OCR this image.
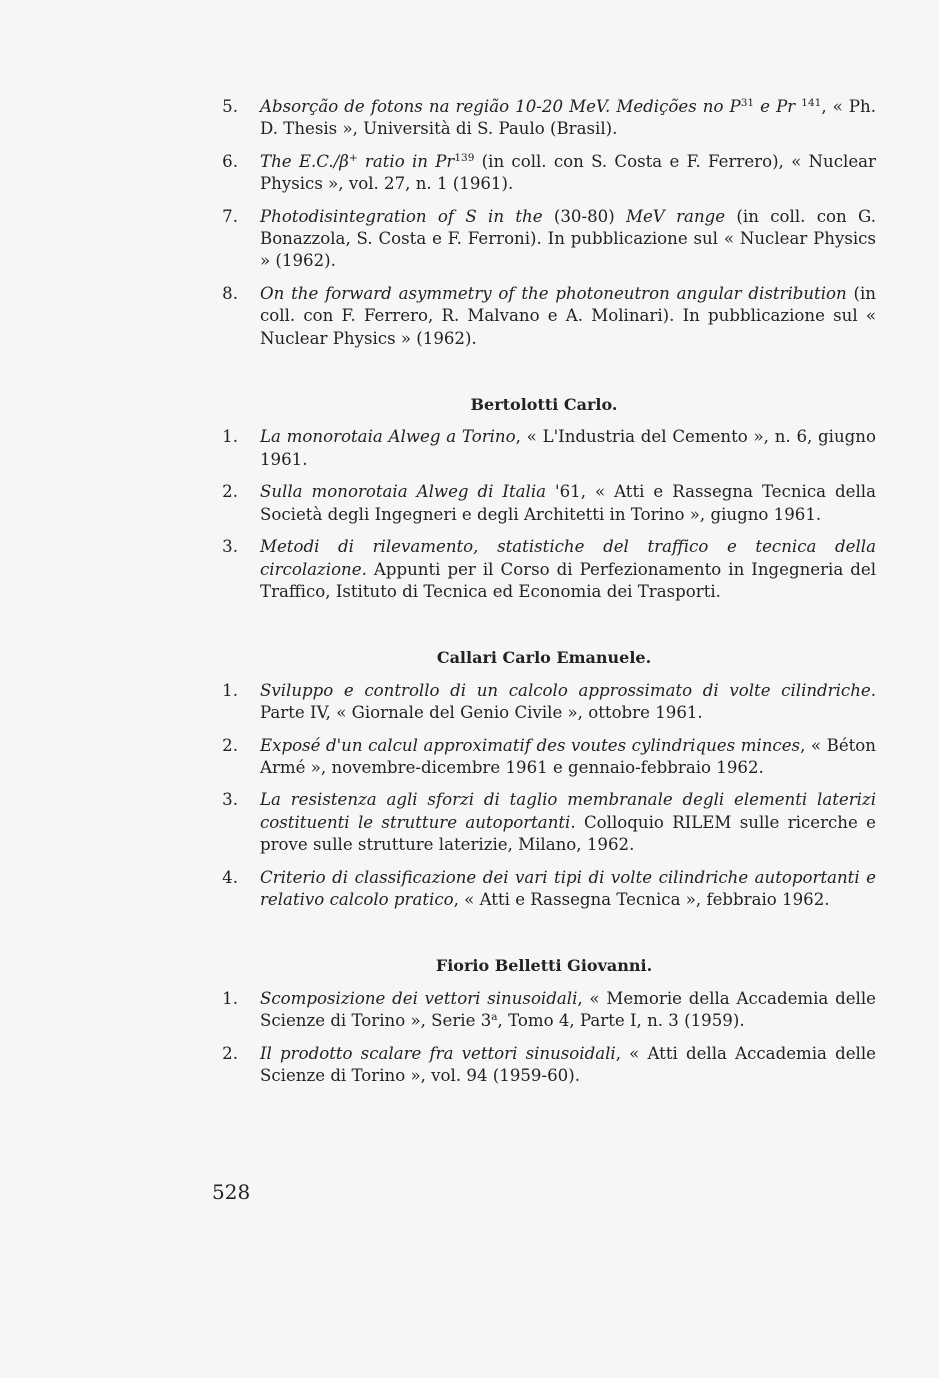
5. Absorção de fotons na região 10-20 MeV. Medições no $P^{31}$ e Pr $^{141}$, « Ph. D. Thesis », Università di S. Paulo (Brasil).
6. The E.C./β+ ratio in Pr$^{139}$ (in coll. con S. Costa e F. Ferrero), « Nuclear Physics », vol. 27, n. 1 (1961).
7. Photodisintegration of S in the (30-80) MeV range (in coll. con G. Bonazzola, S. Costa e F. Ferroni). In pubblicazione sul « Nuclear Physics » (1962).
8. On the forward asymmetry of the photoneutron angular distribution (in coll. con F. Ferrero, R. Malvano e A. Molinari). In pubblicazione sul « Nuclear Physics » (1962).
Bertolotti Carlo.
1. La monorotaia Alweg a Torino, « L'Industria del Cemento », n. 6, giugno 1961.
2. Sulla monorotaia Alweg di Italia '61, « Atti e Rassegna Tecnica della Società degli Ingegneri e degli Architetti in Torino », giugno 1961.
3. Metodi di rilevamento, statistiche del traffico e tecnica della circolazione. Appunti per il Corso di Perfezionamento in Ingegneria del Traffico, Istituto di Tecnica ed Economia dei Trasporti.
Callari Carlo Emanuele.
1. Sviluppo e controllo di un calcolo approssimato di volte cilindriche. Parte IV, « Giornale del Genio Civile », ottobre 1961.
2. Exposé d'un calcul approximatif des voutes cylindriques minces, « Béton Armé », novembre-dicembre 1961 e gennaio-febbraio 1962.
3. La resistenza agli sforzi di taglio membranale degli elementi laterizi costituenti le strutture autoportanti. Colloquio RILEM sulle ricerche e prove sulle strutture laterizie, Milano, 1962.
4. Criterio di classificazione dei vari tipi di volte cilindriche autoportanti e relativo calcolo pratico, « Atti e Rassegna Tecnica », febbraio 1962.
Fiorio Belletti Giovanni.
1. Scomposizione dei vettori sinusoidali, « Memorie della Accademia delle Scienze di Torino », Serie 3$^a$, Tomo 4, Parte I, n. 3 (1959).
2. Il prodotto scalare fra vettori sinusoidali, « Atti della Accademia delle Scienze di Torino », vol. 94 (1959-60).
528
